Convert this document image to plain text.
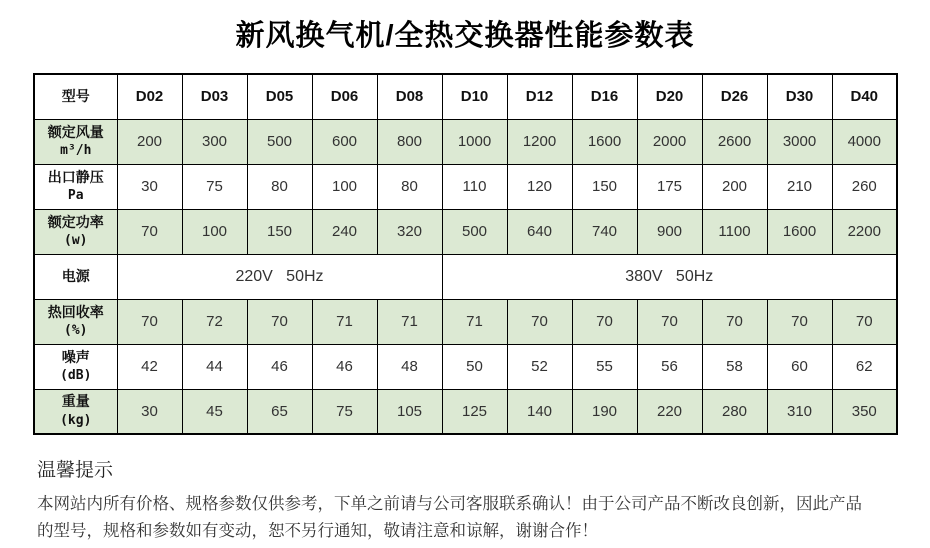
新风换气机/全热交换器性能参数表
型号	D02	D03	D05	D06	D08	D10	D12	D16	D20	D26	D30	D40
额定风量
m³/h	200	300	500	600	800	1000	1200	1600	2000	2600	3000	4000
出口静压
Pa	30	75	80	100	80	110	120	150	175	200	210	260
额定功率
(w)	70	100	150	240	320	500	640	740	900	1100	1600	2200
电源	220V   50Hz					380V   50Hz						
热回收率
(%)	70	72	70	71	71	71	70	70	70	70	70	70
噪声
(dB)	42	44	46	46	48	50	52	55	56	58	60	62
重量
(kg)	30	45	65	75	105	125	140	190	220	280	310	350
温馨提示
本网站内所有价格、规格参数仅供参考，下单之前请与公司客服联系确认！由于公司产品不断改良创新，因此产品
的型号，规格和参数如有变动，恕不另行通知，敬请注意和谅解，谢谢合作！
